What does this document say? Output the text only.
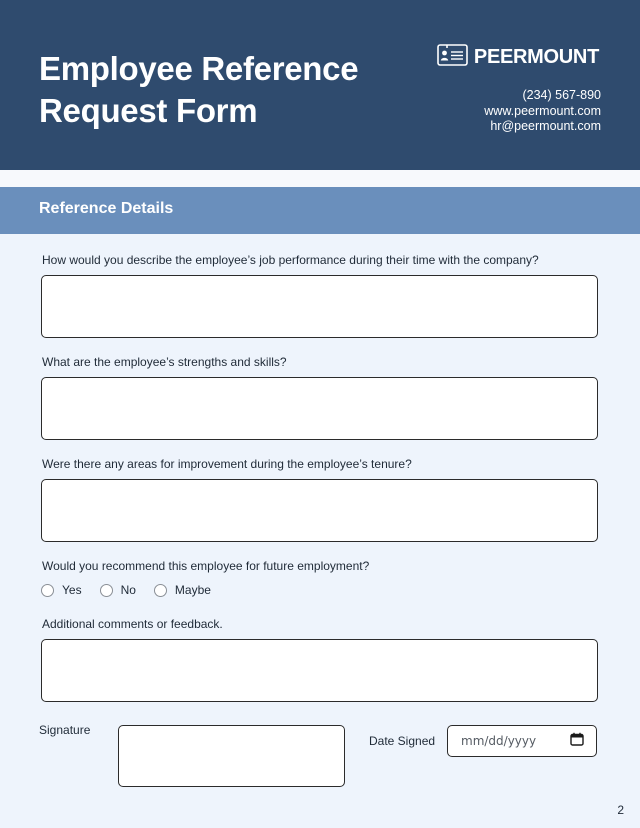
Employee Reference
Request Form
PEERMOUNT
(234) 567-890
www.peermount.com
hr@peermount.com
Reference Details
How would you describe the employee’s job performance during their time with the company?
What are the employee’s strengths and skills?
Were there any areas for improvement during the employee’s tenure?
Would you recommend this employee for future employment?
Yes	No	Maybe
Additional comments or feedback.
Signature
Date Signed mm/dd/yyyy
2
